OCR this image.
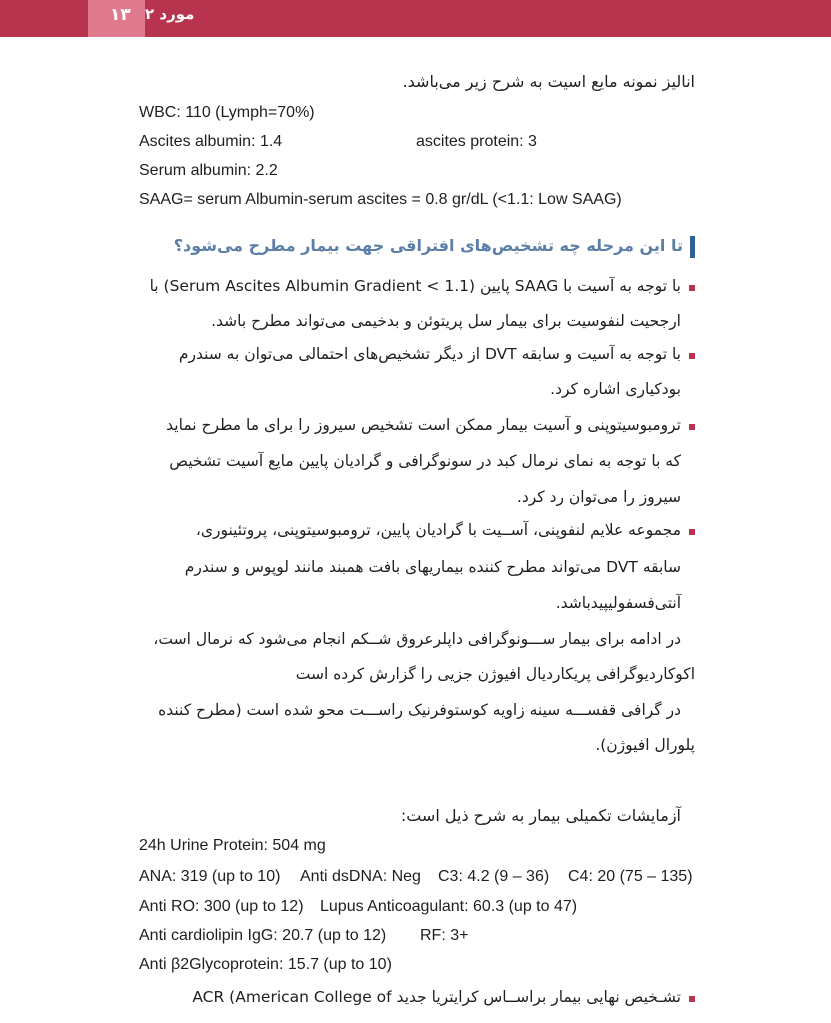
۱۳ مورد ۲
انالیز نمونه مایع اسیت به شرح زیر می‌باشد.
WBC: 110 (Lymph=70%)
Ascites albumin: 1.4	ascites protein: 3
Serum albumin: 2.2
SAAG= serum Albumin-serum ascites = 0.8 gr/dL (<1.1: Low SAAG)
تا این مرحله چه تشخیص‌های افتراقی جهت بیمار مطرح می‌شود؟
با توجه به آسیت با SAAG پایین (Serum Ascites Albumin Gradient < 1.1) با
ارجحیت لنفوسیت برای بیمار سل پریتوئن و بدخیمی می‌تواند مطرح باشد.
با توجه به آسیت و سابقه DVT از دیگر تشخیص‌های احتمالی می‌توان به سندرم
بودکیاری اشاره کرد.
ترومبوسیتوپنی و آسیت بیمار ممکن است تشخیص سیروز را برای ما مطرح نماید
که با توجه به نمای نرمال کبد در سونوگرافی و گرادیان پایین مایع آسیت تشخیص
سیروز را می‌توان رد کرد.
مجموعه علایم لنفوپنی، آســیت با گرادیان پایین، ترومبوسیتوپنی، پروتئینوری،
سابقه DVT می‌تواند مطرح کننده بیماریهای بافت همبند مانند لوپوس و سندرم
آنتی‌فسفولیپیدباشد.
در ادامه برای بیمار ســـونوگرافی داپلرعروق شــکم انجام می‌شود که نرمال است،
اکوکاردیوگرافی پریکاردیال افیوژن جزیی را گزارش کرده است
در گرافی قفســـه سینه زاویه کوستوفرنیک راســـت محو شده است (مطرح کننده
پلورال افیوژن).
آزمایشات تکمیلی بیمار به شرح ذیل است:
24h Urine Protein: 504 mg
ANA: 319 (up to 10) Anti dsDNA: Neg C3: 4.2 (9 – 36) C4: 20 (75 – 135)
Anti RO: 300 (up to 12) Lupus Anticoagulant: 60.3 (up to 47)
Anti cardiolipin IgG: 20.7 (up to 12) RF: 3+
Anti β2Glycoprotein: 15.7 (up to 10)
تشـخیص نهایی بیمار براســاس کرایتریا جدید ACR (American College of
